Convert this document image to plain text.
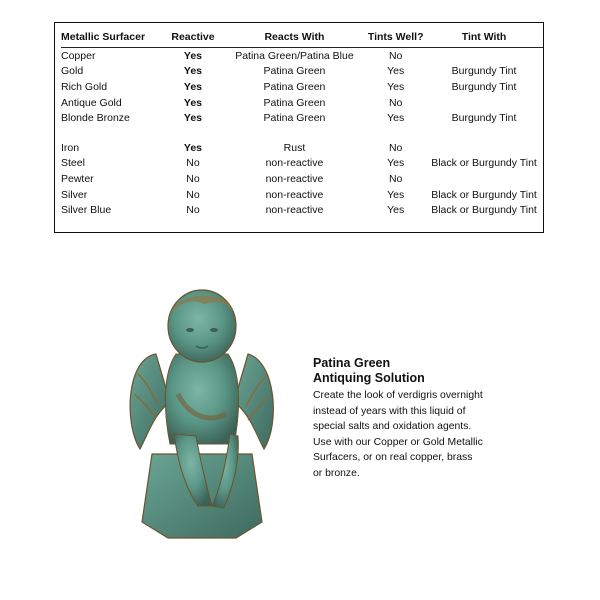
Metallic Surfacer	Reactive	Reacts With	Tints Well?	Tint With
Copper	Yes	Patina Green/Patina Blue	No	
Gold	Yes	Patina Green	Yes	Burgundy Tint
Rich Gold	Yes	Patina Green	Yes	Burgundy Tint
Antique Gold	Yes	Patina Green	No	
Blonde Bronze	Yes	Patina Green	Yes	Burgundy Tint

Iron	Yes	Rust	No	
Steel	No	non-reactive	Yes	Black or Burgundy Tint
Pewter	No	non-reactive	No	
Silver	No	non-reactive	Yes	Black or Burgundy Tint
Silver Blue	No	non-reactive	Yes	Black or Burgundy Tint
Patina Green
Antiquing Solution
Create the look of verdigris overnight
instead of years with this liquid of
special salts and oxidation agents.
Use with our Copper or Gold Metallic
Surfacers, or on real copper, brass
or bronze.
